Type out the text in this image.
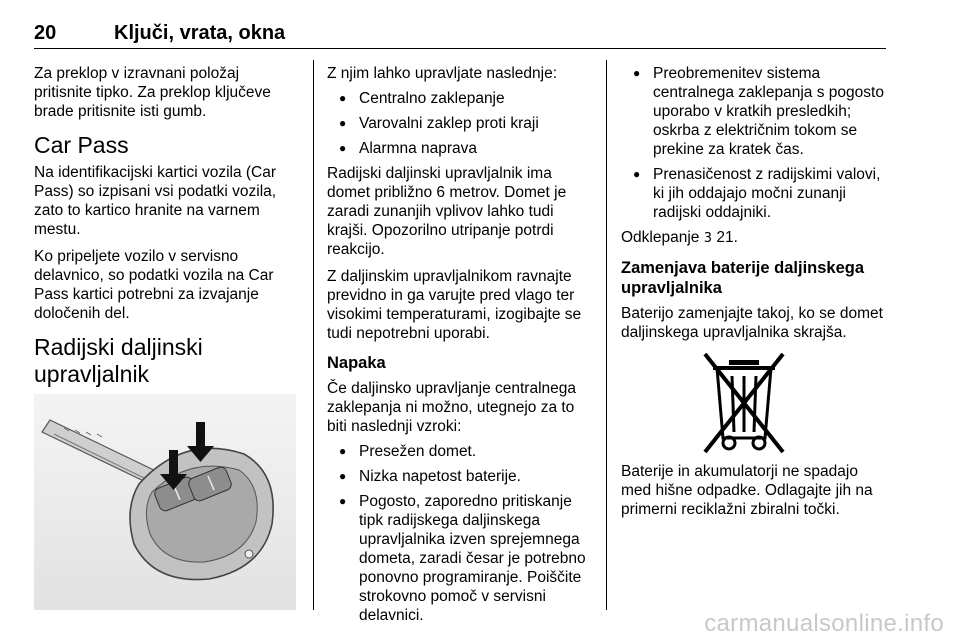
20	Ključi, vrata, okna

Za preklop v izravnani položaj pritisnite tipko. Za preklop ključeve brade pritisnite isti gumb.

Car Pass

Na identifikacijski kartici vozila (Car Pass) so izpisani vsi podatki vozila, zato to kartico hranite na varnem mestu.

Ko pripeljete vozilo v servisno delavnico, so podatki vozila na Car Pass kartici potrebni za izvajanje določenih del.

Radijski daljinski upravljalnik

Z njim lahko upravljate naslednje:

● Centralno zaklepanje
● Varovalni zaklep proti kraji
● Alarmna naprava

Radijski daljinski upravljalnik ima domet približno 6 metrov. Domet je zaradi zunanjih vplivov lahko tudi krajši. Opozorilno utripanje potrdi reakcijo.

Z daljinskim upravljalnikom ravnajte previdno in ga varujte pred vlago ter visokimi temperaturami, izogibajte se tudi nepotrebni uporabi.

Napaka

Če daljinsko upravljanje centralnega zaklepanja ni možno, utegnejo za to biti naslednji vzroki:

● Presežen domet.
● Nizka napetost baterije.
● Pogosto, zaporedno pritiskanje tipk radijskega daljinskega upravljalnika izven sprejemnega dometa, zaradi česar je potrebno ponovno programiranje. Poiščite strokovno pomoč v servisni delavnici.
● Preobremenitev sistema centralnega zaklepanja s pogosto uporabo v kratkih presledkih; oskrba z električnim tokom se prekine za kratek čas.
● Prenasičenost z radijskimi valovi, ki jih oddajajo močni zunanji radijski oddajniki.

Odklepanje 3 21.

Zamenjava baterije daljinskega upravljalnika

Baterijo zamenjajte takoj, ko se domet daljinskega upravljalnika skrajša.

Baterije in akumulatorji ne spadajo med hišne odpadke. Odlagajte jih na primerni reciklažni zbiralni točki.

carmanualsonline.info
